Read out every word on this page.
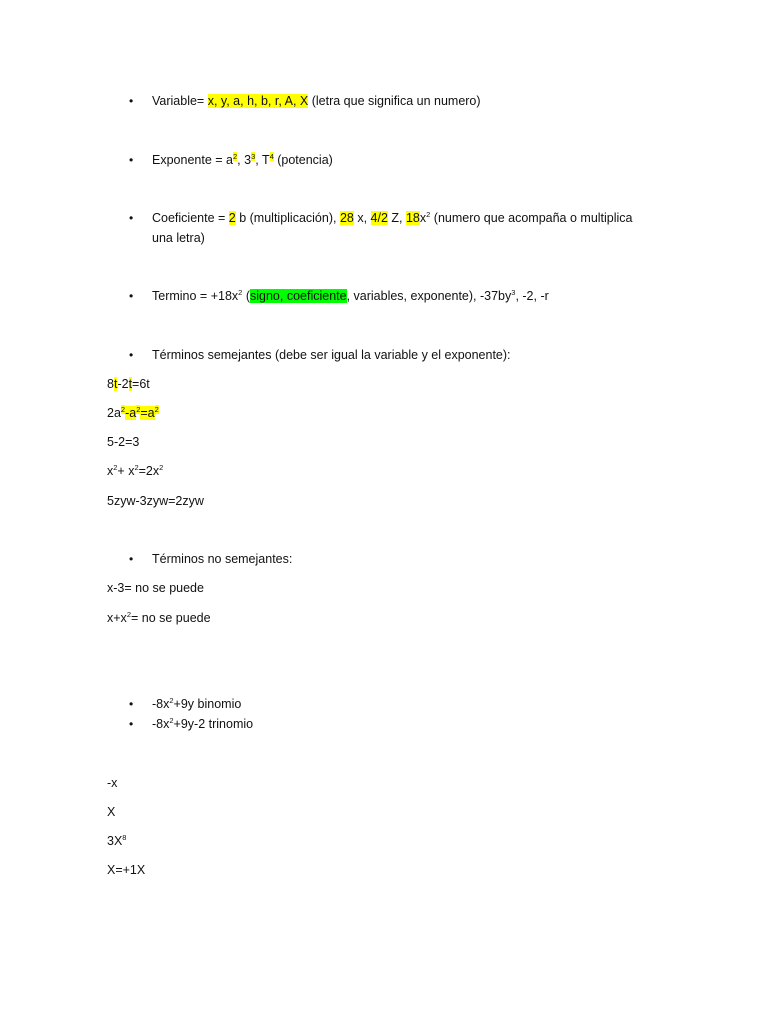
• Variable= x, y, a, h, b, r, A, X (letra que significa un numero)
• Exponente = $a^2$, $3^3$, $T^4$ (potencia)
• Coeficiente = 2 b (multiplicación), 28 x, 4/2 Z, $18x^2$ (numero que acompaña o multiplica
una letra)
• $Termino = +18x^2$ (signo, coeficiente, variables, exponente), $-37by^3$, -2, -r
• Términos semejantes (debe ser igual la variable y el exponente):
8t-2t=6t
$2a^2-a^2=a^2$
5-2=3
$x^2+ x^2=2x^2$
5zyw-3zyw=2zyw
• Términos no semejantes:
x-3= no se puede
$x+x^2=$ no se puede
• $-8x^2+9y$ binomio
• $-8x^2+9y-2$ trinomio
-x
X
$3X^8$
X=+1X
